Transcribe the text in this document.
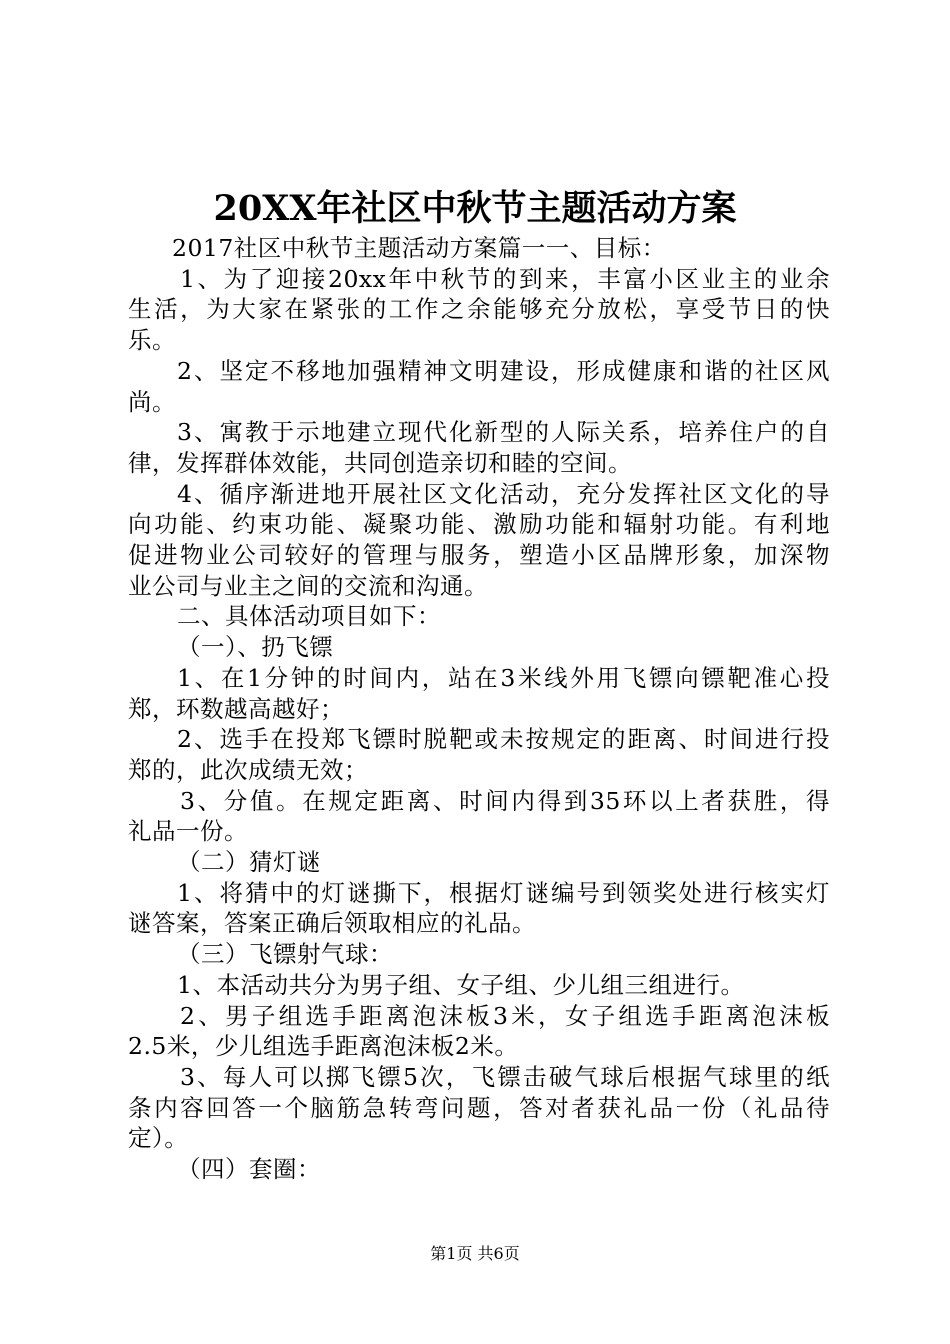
20XX年社区中秋节主题活动方案
2017社区中秋节主题活动方案篇一一、目标：
1、为了迎接20xx年中秋节的到来，丰富小区业主的业余
生活，为大家在紧张的工作之余能够充分放松，享受节日的快
乐。
2、坚定不移地加强精神文明建设，形成健康和谐的社区风
尚。
3、寓教于示地建立现代化新型的人际关系，培养住户的自
律，发挥群体效能，共同创造亲切和睦的空间。
4、循序渐进地开展社区文化活动，充分发挥社区文化的导
向功能、约束功能、凝聚功能、激励功能和辐射功能。有利地
促进物业公司较好的管理与服务，塑造小区品牌形象，加深物
业公司与业主之间的交流和沟通。
二、具体活动项目如下：
（一）、扔飞镖
1、在1分钟的时间内，站在3米线外用飞镖向镖靶准心投
郑，环数越高越好；
2、选手在投郑飞镖时脱靶或未按规定的距离、时间进行投
郑的，此次成绩无效；
3、分值。在规定距离、时间内得到35环以上者获胜，得
礼品一份。
（二）猜灯谜
1、将猜中的灯谜撕下，根据灯谜编号到领奖处进行核实灯
谜答案，答案正确后领取相应的礼品。
（三）飞镖射气球：
1、本活动共分为男子组、女子组、少儿组三组进行。
2、男子组选手距离泡沫板3米，女子组选手距离泡沫板
2.5米，少儿组选手距离泡沫板2米。
3、每人可以掷飞镖5次，飞镖击破气球后根据气球里的纸
条内容回答一个脑筋急转弯问题，答对者获礼品一份（礼品待
定）。
（四）套圈：
第1页 共6页
